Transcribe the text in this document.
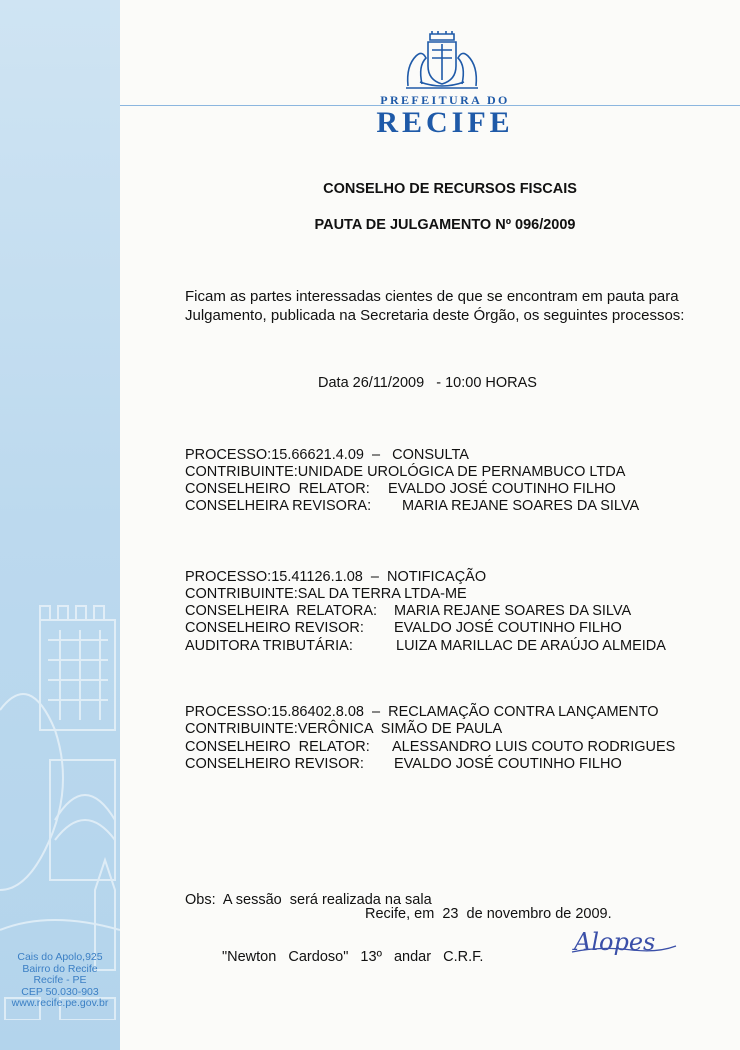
Cais do Apolo,925
Bairro do Recife
Recife - PE
CEP 50.030-903
www.recife.pe.gov.br
PREFEITURA DO
RECIFE
CONSELHO DE RECURSOS FISCAIS
PAUTA DE JULGAMENTO Nº 096/2009
Ficam as partes interessadas cientes de que se encontram em pauta para Julgamento, publicada na Secretaria deste Órgão, os seguintes processos:
Data 26/11/2009   - 10:00 HORAS
PROCESSO:15.66621.4.09  –   CONSULTA
CONTRIBUINTE:UNIDADE UROLÓGICA DE PERNAMBUCO LTDA
CONSELHEIRO  RELATOR: EVALDO JOSÉ COUTINHO FILHO
CONSELHEIRA REVISORA: MARIA REJANE SOARES DA SILVA
PROCESSO:15.41126.1.08  –  NOTIFICAÇÃO
CONTRIBUINTE:SAL DA TERRA LTDA-ME
CONSELHEIRA  RELATORA: MARIA REJANE SOARES DA SILVA
CONSELHEIRO REVISOR: EVALDO JOSÉ COUTINHO FILHO
AUDITORA TRIBUTÁRIA:	LUIZA MARILLAC DE ARAÚJO ALMEIDA
PROCESSO:15.86402.8.08  –  RECLAMAÇÃO CONTRA LANÇAMENTO
CONTRIBUINTE:VERÔNICA  SIMÃO DE PAULA
CONSELHEIRO  RELATOR: ALESSANDRO LUIS COUTO RODRIGUES
CONSELHEIRO REVISOR: EVALDO JOSÉ COUTINHO FILHO

Obs:  A sessão  será realizada na sala

"Newton   Cardoso"   13º   andar   C.R.F.

Recife, em  23  de novembro de 2009.
Alopes
